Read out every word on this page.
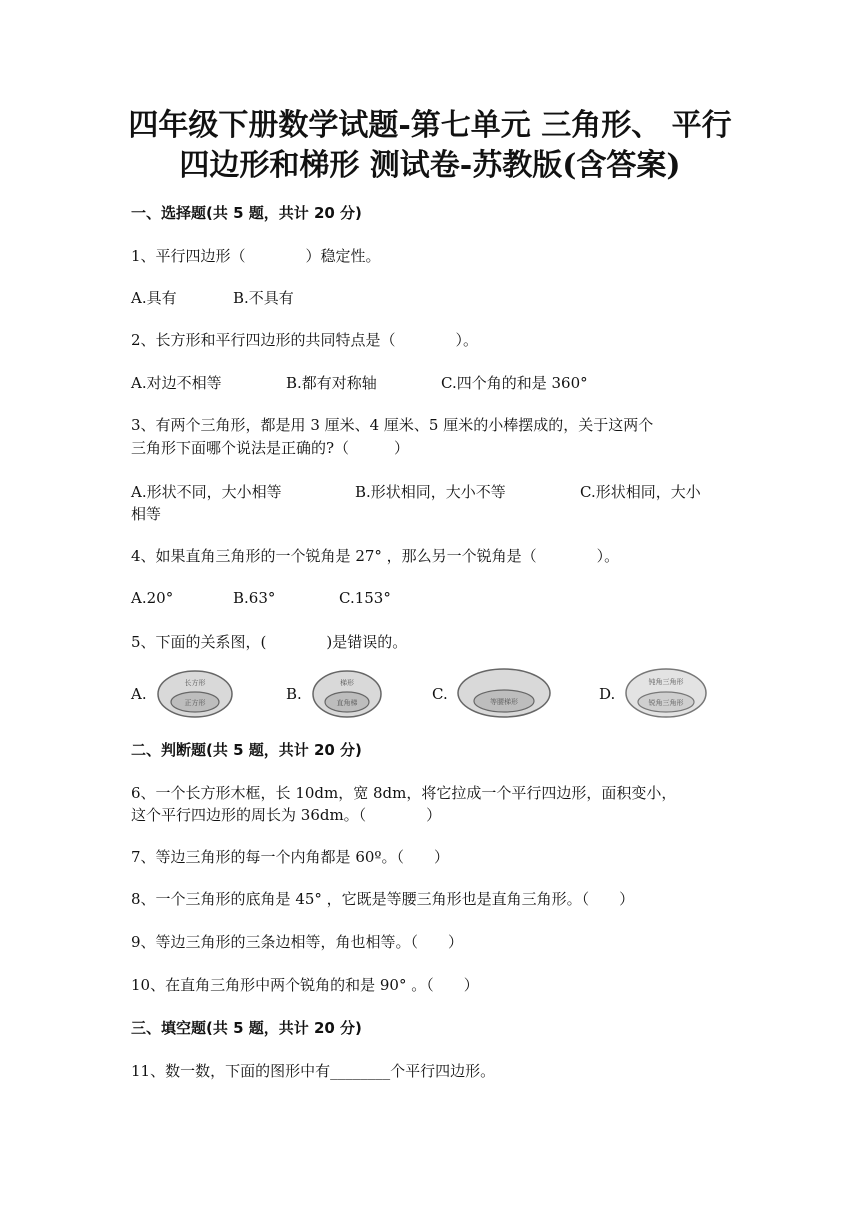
四年级下册数学试题-第七单元 三角形、 平行
四边形和梯形 测试卷-苏教版(含答案)
一、选择题(共 5 题，共计 20 分)
1、平行四边形（　　　　）稳定性。
A.具有	B.不具有
2、长方形和平行四边形的共同特点是（　　　　）。
A.对边不相等	B.都有对称轴	C.四个角的和是 360°
3、有两个三角形，都是用 3 厘米、4 厘米、5 厘米的小棒摆成的，关于这两个
三角形下面哪个说法是正确的?（　　　）
A.形状不同，大小相等	B.形状相同，大小不等	C.形状相同，大小
相等
4、如果直角三角形的一个锐角是 27° ，那么另一个锐角是（　　　　）。
A.20°	B.63°	C.153°
5、下面的关系图，(　　　　)是错误的。
A.
长方形
正方形	B.
梯形
直角梯	C.	等腰梯形	D.
钝角三角形
锐角三角形
二、判断题(共 5 题，共计 20 分)
6、一个长方形木框，长 10dm，宽 8dm，将它拉成一个平行四边形，面积变小，
这个平行四边形的周长为 36dm。（　　　　）
7、等边三角形的每一个内角都是 60º。（　　）
8、一个三角形的底角是 45° ，它既是等腰三角形也是直角三角形。（　　）
9、等边三角形的三条边相等，角也相等。（　　）
10、在直角三角形中两个锐角的和是 90° 。（　　）
三、填空题(共 5 题，共计 20 分)
11、数一数，下面的图形中有________个平行四边形。
